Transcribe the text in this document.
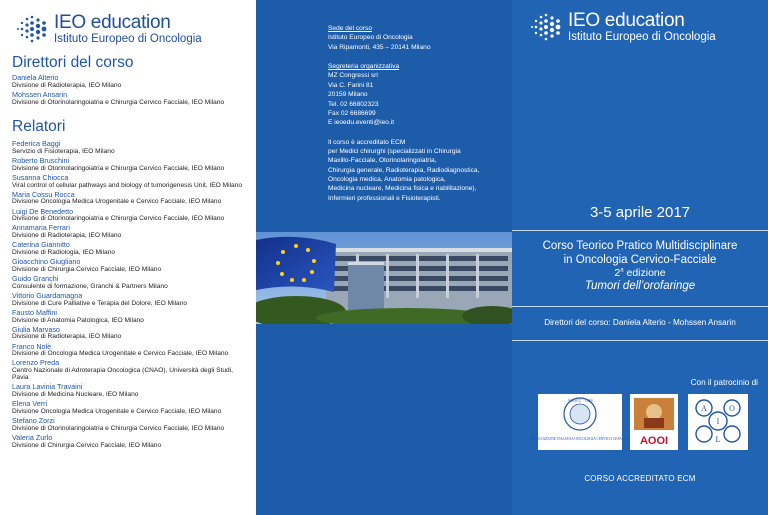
IEO education
Istituto Europeo di Oncologia
Direttori del corso
Daniela Alterio
Divisione di Radioterapia, IEO Milano
Mohssen Ansarin
Divisione di Otorinolaringoiatria e Chirurgia Cervico Facciale, IEO Milano
Relatori
Federica Baggi
Servizio di Fisioterapia, IEO Milano
Roberto Bruschini
Divisione di Otorinolaringoiatria e Chirurgia Cervico Facciale, IEO Milano
Susanna Chiocca
Viral control of cellular pathways and biology of tumorigenesis Unit, IEO Milano
Maria Cossu Rocca
Divisione Oncologia Medica Urogenitale e Cervico Facciale, IEO Milano
Luigi De Benedetto
Divisione di Otorinolaringoiatria e Chirurgia Cervico Facciale, IEO Milano
Annamaria Ferrari
Divisione di Radioterapia, IEO Milano
Caterina Giannitto
Divisione di Radiologia, IEO Milano
Gioacchino Giugliano
Divisione di Chirurgia Cervico Facciale, IEO Milano
Guido Granchi
Consulente di formazione, Granchi & Partners Milano
Vittorio Guardamagna
Divisione di Cure Palliative e Terapia del Dolore, IEO Milano
Fausto Maffini
Divisione di Anatomia Patologica, IEO Milano
Giulia Marvaso
Divisione di Radioterapia, IEO Milano
Franco Nolè
Divisione di Oncologia Medica Urogenitale e Cervico Facciale, IEO Milano
Lorenzo Preda
Centro Nazionale di Adroterapia Oncologica (CNAO), Università degli Studi, Pavia
Laura Lavinia Travaini
Divisione di Medicina Nucleare, IEO Milano
Elena Verri
Divisione Oncologia Medica Urogenitale e Cervico Facciale, IEO Milano
Stefano Zorzi
Divisione di Otorinolaringoiatria e Chirurgia Cervico Facciale, IEO Milano
Valeria Zurlo
Divisione di Chirurgia Cervico Facciale, IEO Milano
Sede del corso
Istituto Europeo di Oncologia
Via Ripamonti, 435 – 20141 Milano
Segreteria organizzativa
MZ Congressi srl
Via C. Farini 81
20159 Milano
Tel. 02 66802323
Fax 02 6686699
E ieoedu.eventi@ieo.it
Il corso è accreditato ECM
per Medici chirurghi (specializzati in Chirurgia
Maxillo-Facciale, Otorinolaringoiatria,
Chirurgia generale, Radioterapia, Radiodiagnostica,
Oncologia medica, Anatomia patologica,
Medicina nucleare, Medicina fisica e riabilitazione),
Infermieri professionali e Fisioterapisti.
IEO education
Istituto Europeo di Oncologia
3-5 aprile 2017
Corso Teorico Pratico Multidisciplinare
in Oncologia Cervico-Facciale
2$^a$ edizione
Tumori dell’orofaringe
Direttori del corso: Daniela Alterio - Mohssen Ansarin
Con il patrocinio di
AOOCC · 1984
ASSOCIAZIONE ITALIANA ONCOLOGIA CERVICO CEFALICA AOOI
A	O
I
L
CORSO ACCREDITATO ECM
